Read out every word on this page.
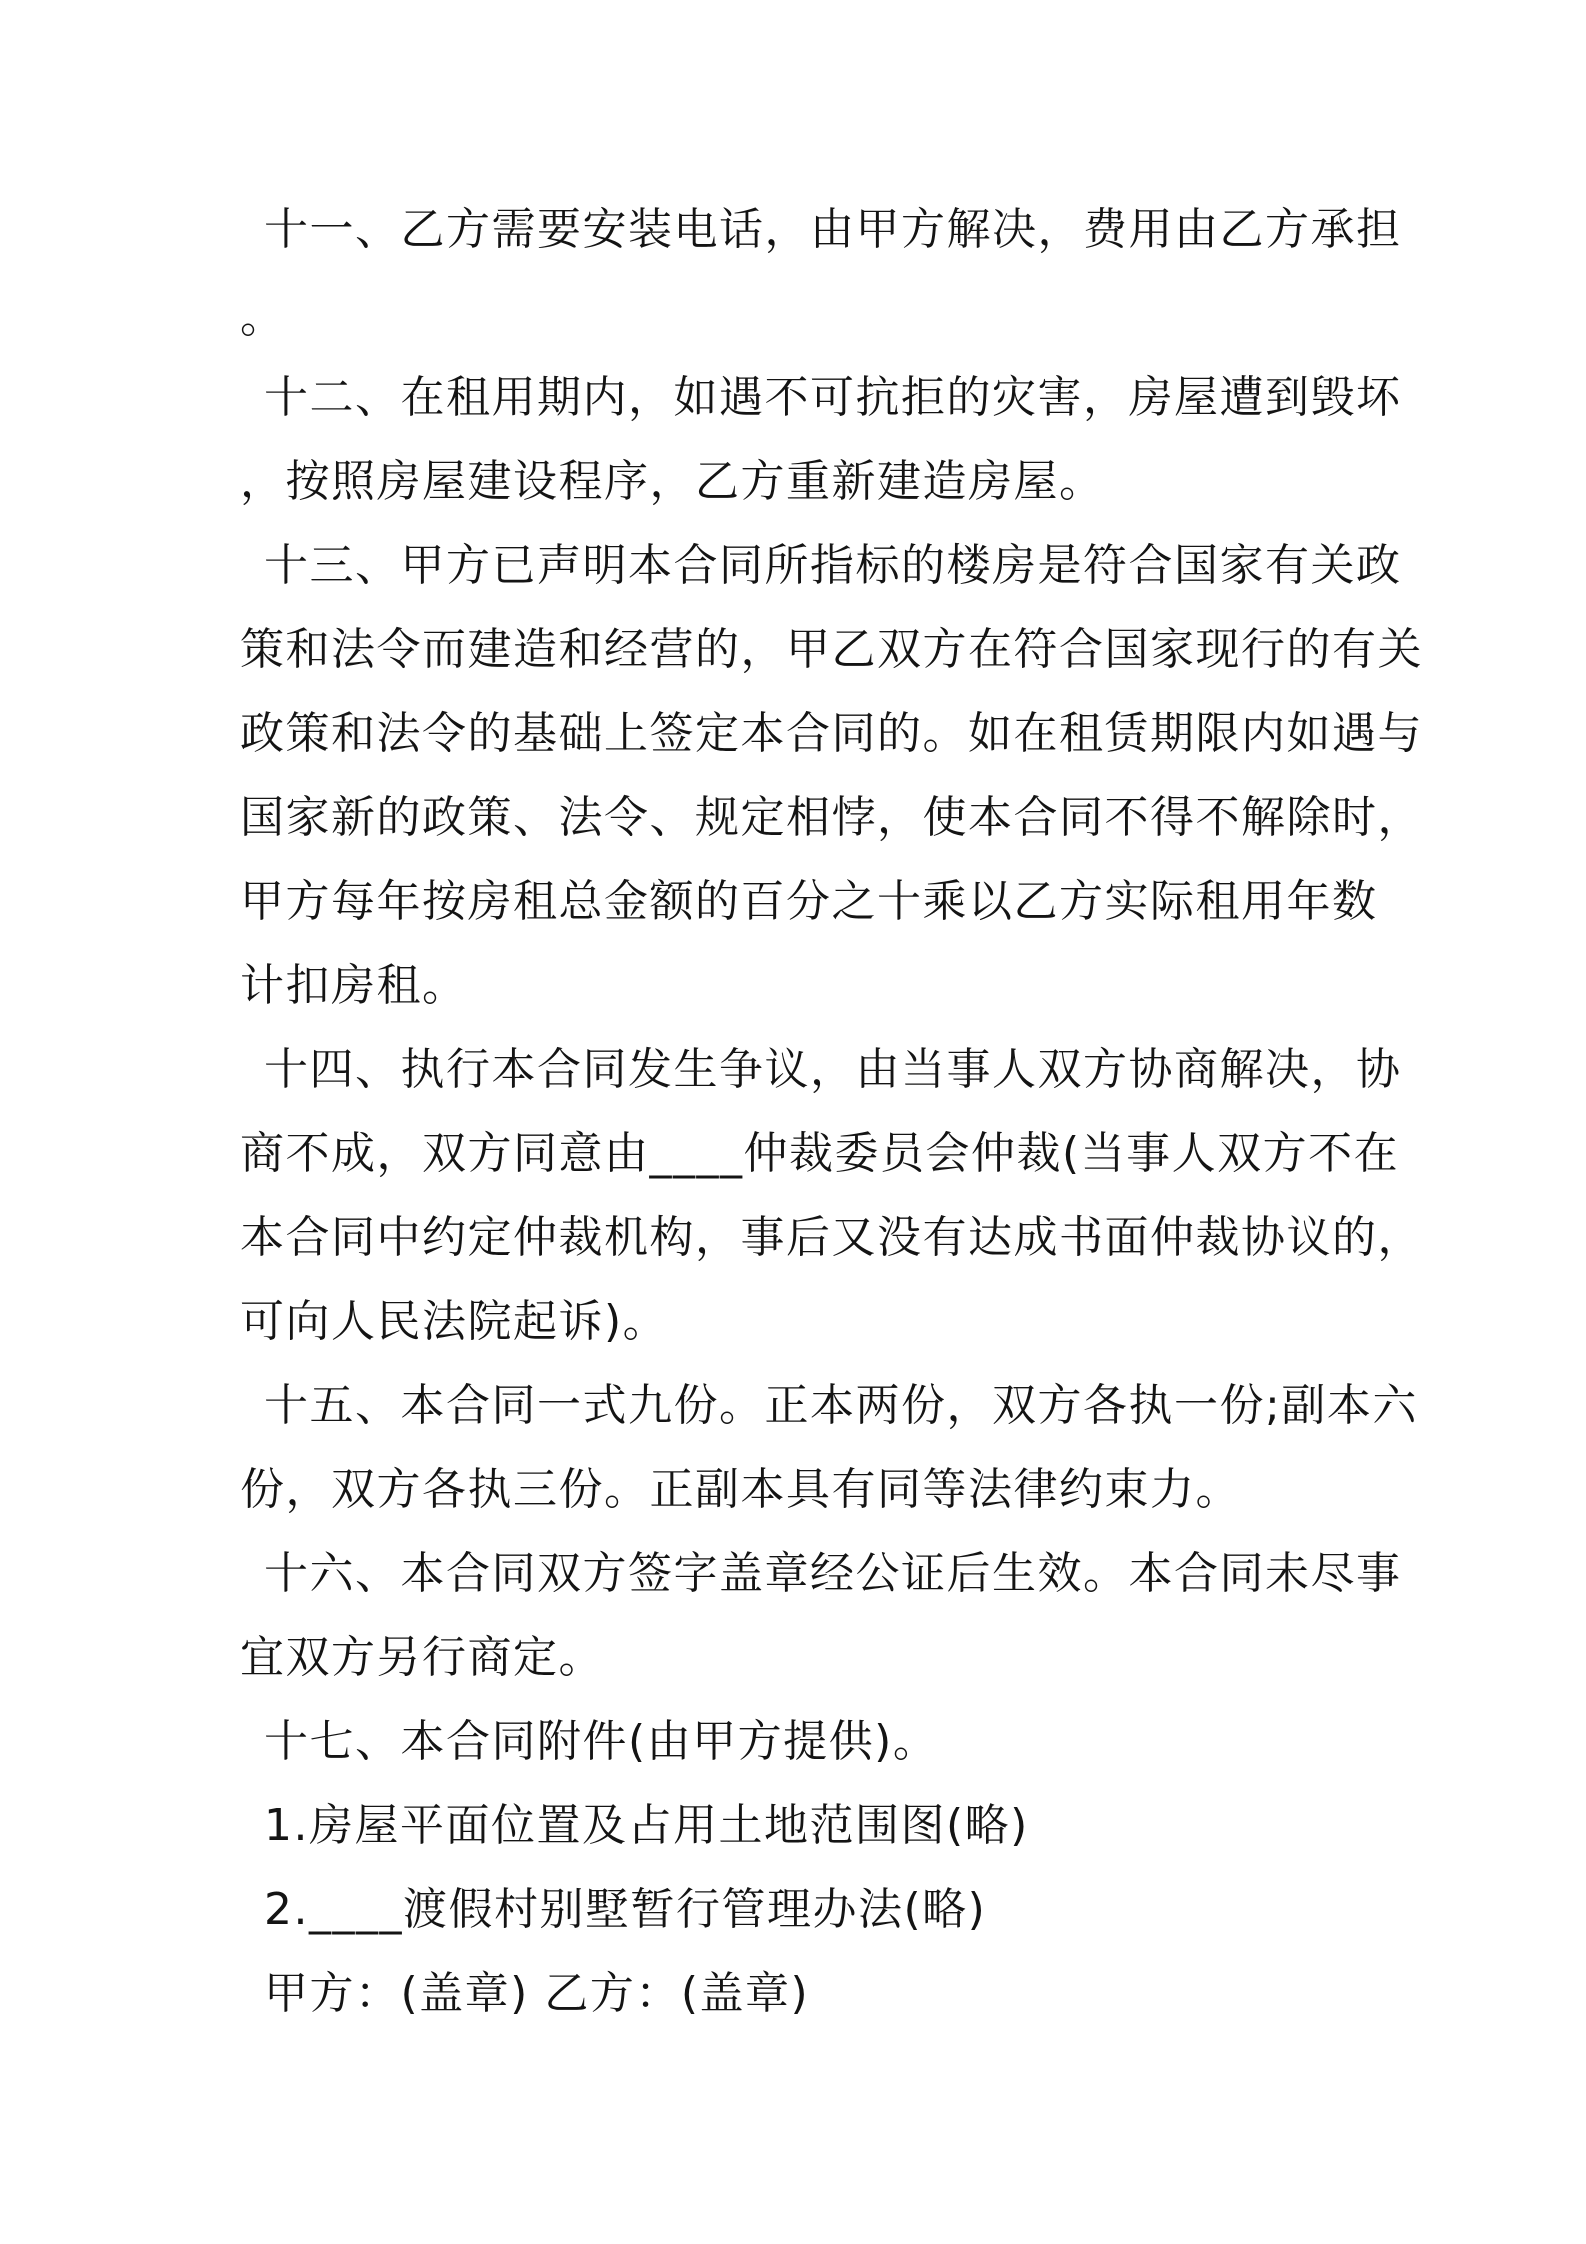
十一、乙方需要安装电话，由甲方解决，费用由乙方承担
。
十二、在租用期内，如遇不可抗拒的灾害，房屋遭到毁坏
，按照房屋建设程序，乙方重新建造房屋。
十三、甲方已声明本合同所指标的楼房是符合国家有关政
策和法令而建造和经营的，甲乙双方在符合国家现行的有关
政策和法令的基础上签定本合同的。如在租赁期限内如遇与
国家新的政策、法令、规定相悖，使本合同不得不解除时，
甲方每年按房租总金额的百分之十乘以乙方实际租用年数
计扣房租。
十四、执行本合同发生争议，由当事人双方协商解决，协
商不成，双方同意由____仲裁委员会仲裁(当事人双方不在
本合同中约定仲裁机构，事后又没有达成书面仲裁协议的，
可向人民法院起诉)。
十五、本合同一式九份。正本两份，双方各执一份;副本六
份，双方各执三份。正副本具有同等法律约束力。
十六、本合同双方签字盖章经公证后生效。本合同未尽事
宜双方另行商定。
十七、本合同附件(由甲方提供)。
1.房屋平面位置及占用土地范围图(略)
2.____渡假村别墅暂行管理办法(略)
甲方：(盖章) 乙方：(盖章)
